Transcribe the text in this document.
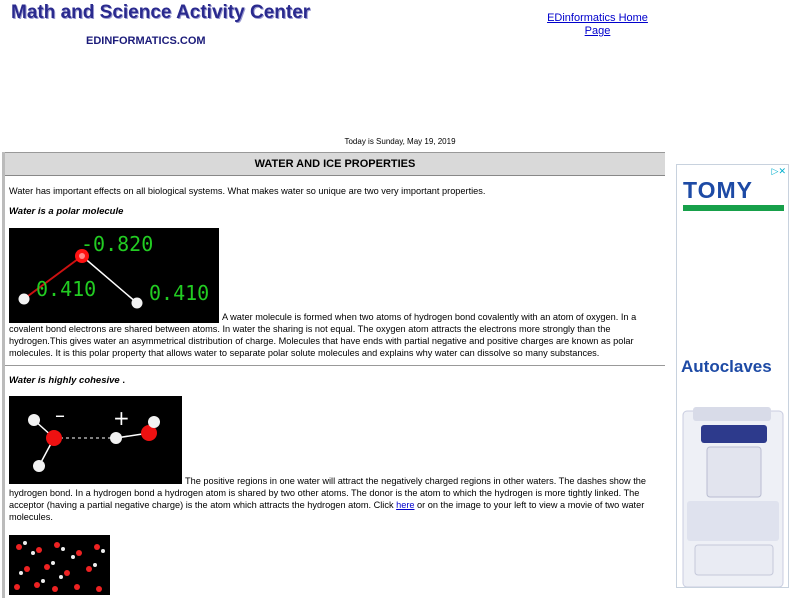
Math and Science Activity Center
EDINFORMATICS.COM
EDinformatics Home Page
Today is Sunday, May 19, 2019
WATER AND ICE PROPERTIES

Water has important effects on all biological systems. What makes water so unique are two very important properties.

Water is a polar molecule

-0.820
0.410	0.410

A water molecule is formed when two atoms of hydrogen bond covalently with an atom of oxygen. In a covalent bond electrons are shared between atoms. In water the sharing is not equal. The oxygen atom attracts the electrons more strongly than the hydrogen.This gives water an asymmetrical distribution of charge. Molecules that have ends with partial negative and positive charges are known as polar molecules. It is this polar property that allows water to separate polar solute molecules and explains why water can dissolve so many substances.

Water is highly cohesive .

– +

The positive regions in one water will attract the negatively charged regions in other waters. The dashes show the hydrogen bond. In a hydrogen bond a hydrogen atom is shared by two other atoms. The donor is the atom to which the hydrogen is more tightly linked. The acceptor (having a partial negative charge) is the atom which attracts the hydrogen atom. Click here or on the image to your left to view a movie of two water molecules.

▷✕
TOMY
Autoclaves
